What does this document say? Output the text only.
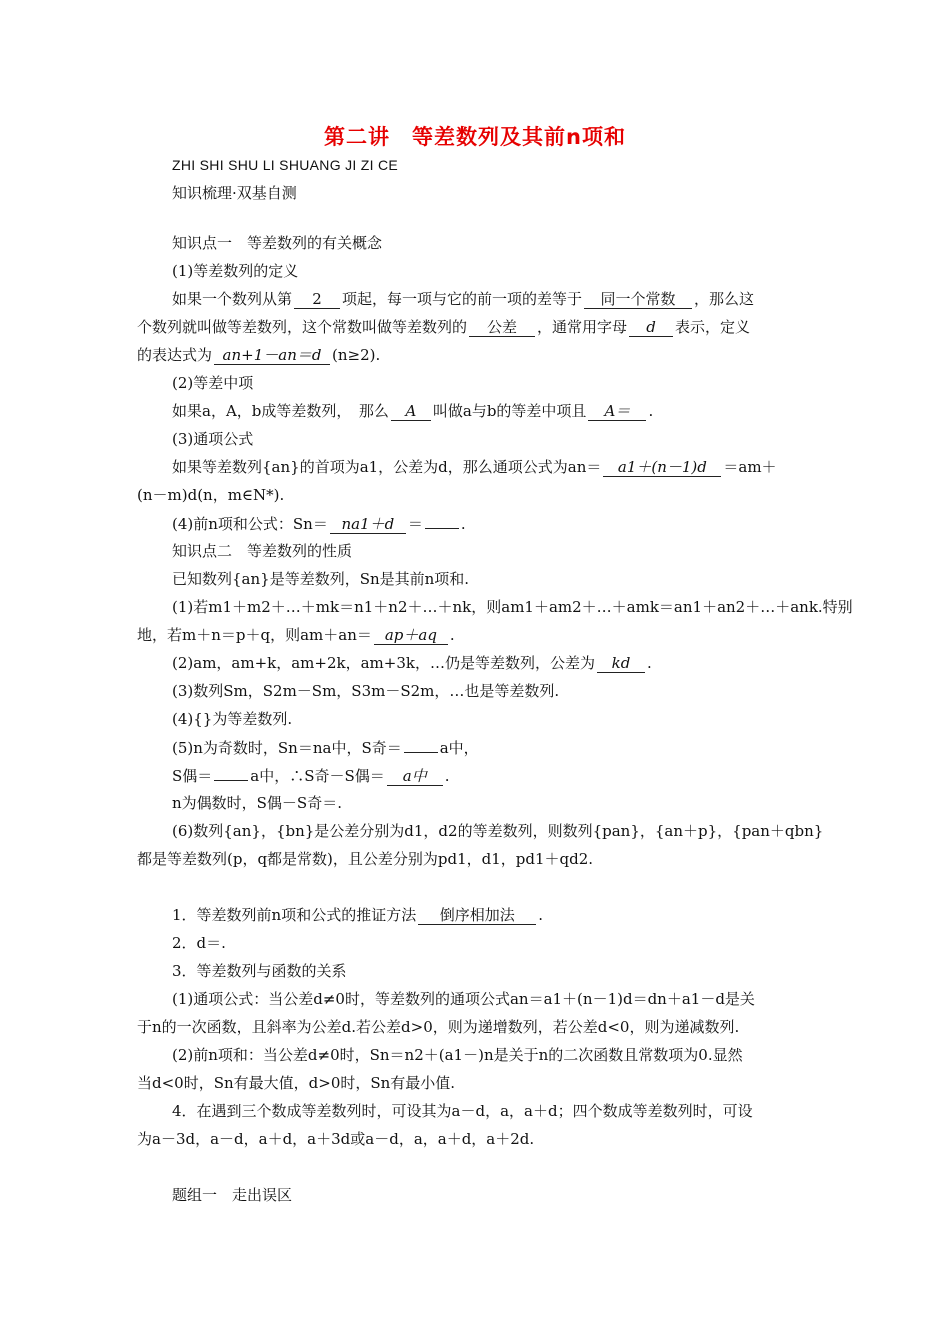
第二讲　等差数列及其前n项和
ZHI SHI SHU LI SHUANG JI ZI CE
知识梳理·双基自测
知识点一　等差数列的有关概念
(1)等差数列的定义
如果一个数列从第 2 项起，每一项与它的前一项的差等于 同一个常数 ，那么这
个数列就叫做等差数列，这个常数叫做等差数列的 公差 ，通常用字母 d 表示，定义
的表达式为 an+1－an＝d (n≥2).
(2)等差中项
如果a，A，b成等差数列，　那么 A 叫做a与b的等差中项且 A＝ .
(3)通项公式
如果等差数列{an}的首项为a1，公差为d，那么通项公式为an＝ a1＋(n－1)d ＝am＋
(n－m)d(n，m∈N*).
(4)前n项和公式：Sn＝ na1＋d ＝	.
知识点二　等差数列的性质
已知数列{an}是等差数列，Sn是其前n项和.
(1)若m1＋m2＋…＋mk＝n1＋n2＋…＋nk，则am1＋am2＋…＋amk＝an1＋an2＋…＋ank.特别
地，若m＋n＝p＋q，则am＋an＝ ap＋aq .
(2)am，am+k，am+2k，am+3k，…仍是等差数列，公差为 kd .
(3)数列Sm，S2m－Sm，S3m－S2m，…也是等差数列.
(4){}为等差数列.
(5)n为奇数时，Sn＝na中，S奇＝	a中，
S偶＝	a中，∴S奇－S偶＝ a中 .
n为偶数时，S偶－S奇＝.
(6)数列{an}，{bn}是公差分别为d1，d2的等差数列，则数列{pan}，{an＋p}，{pan＋qbn}
都是等差数列(p，q都是常数)，且公差分别为pd1，d1，pd1＋qd2.
1．等差数列前n项和公式的推证方法 倒序相加法 .
2．d＝.
3．等差数列与函数的关系
(1)通项公式：当公差d≠0时，等差数列的通项公式an＝a1＋(n－1)d＝dn＋a1－d是关
于n的一次函数，且斜率为公差d.若公差d>0，则为递增数列，若公差d<0，则为递减数列.
(2)前n项和：当公差d≠0时，Sn＝n2＋(a1－)n是关于n的二次函数且常数项为0.显然
当d<0时，Sn有最大值，d>0时，Sn有最小值.
4．在遇到三个数成等差数列时，可设其为a－d，a，a＋d；四个数成等差数列时，可设
为a－3d，a－d，a＋d，a＋3d或a－d，a，a＋d，a＋2d.
题组一　走出误区
